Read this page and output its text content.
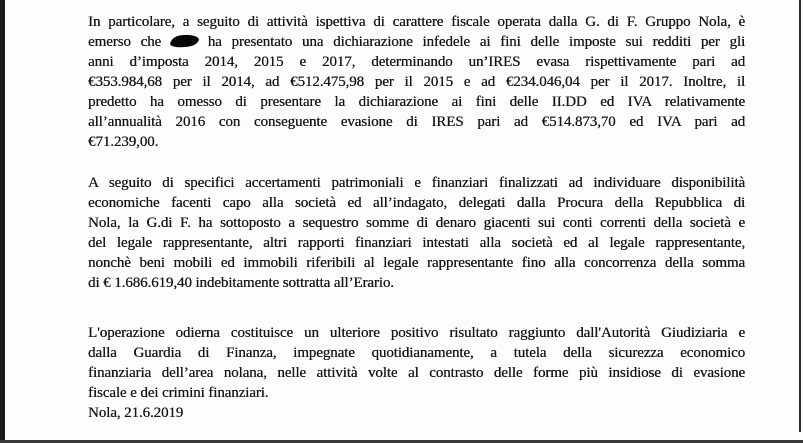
In particolare, a seguito di attività ispettiva di carattere fiscale operata dalla G. di F. Gruppo Nola, è
emerso che	ha presentato una dichiarazione infedele ai fini delle imposte sui redditi per gli
anni d’imposta 2014, 2015 e 2017, determinando un’IRES evasa rispettivamente pari ad
€353.984,68 per il 2014, ad €512.475,98 per il 2015 e ad €234.046,04 per il 2017. Inoltre, il
predetto ha omesso di presentare la dichiarazione ai fini delle II.DD ed IVA relativamente
all’annualità 2016 con conseguente evasione di IRES pari ad €514.873,70 ed IVA pari ad
€71.239,00.
A seguito di specifici accertamenti patrimoniali e finanziari finalizzati ad individuare disponibilità
economiche facenti capo alla società ed all’indagato, delegati dalla Procura della Repubblica di
Nola, la G.di F. ha sottoposto a sequestro somme di denaro giacenti sui conti correnti della società e
del legale rappresentante, altri rapporti finanziari intestati alla società ed al legale rappresentante,
nonchè beni mobili ed immobili riferibili al legale rappresentante fino alla concorrenza della somma
di € 1.686.619,40 indebitamente sottratta all’Erario.
L'operazione odierna costituisce un ulteriore positivo risultato raggiunto dall'Autorità Giudiziaria e
dalla Guardia di Finanza, impegnate quotidianamente, a tutela della sicurezza economico
finanziaria dell’area nolana, nelle attività volte al contrasto delle forme più insidiose di evasione
fiscale e dei crimini finanziari.
Nola, 21.6.2019
